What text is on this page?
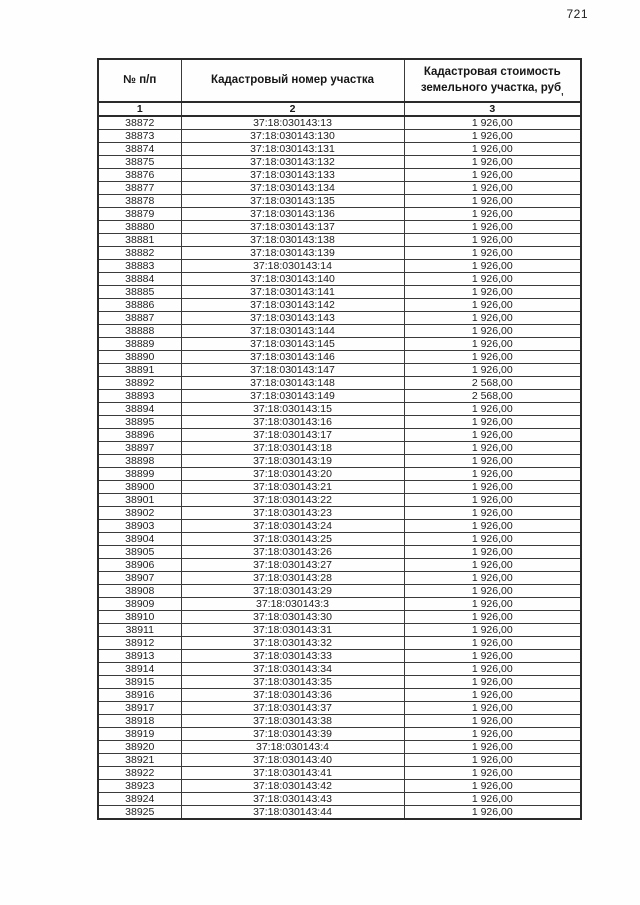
721
№ п/п	Кадастровый номер участка	Кадастровая стоимость земельного участка, руб$_,$
1	2	3
38872	37:18:030143:13	1 926,00
38873	37:18:030143:130	1 926,00
38874	37:18:030143:131	1 926,00
38875	37:18:030143:132	1 926,00
38876	37:18:030143:133	1 926,00
38877	37:18:030143:134	1 926,00
38878	37:18:030143:135	1 926,00
38879	37:18:030143:136	1 926,00
38880	37:18:030143:137	1 926,00
38881	37:18:030143:138	1 926,00
38882	37:18:030143:139	1 926,00
38883	37:18:030143:14	1 926,00
38884	37:18:030143:140	1 926,00
38885	37:18:030143:141	1 926,00
38886	37:18:030143:142	1 926,00
38887	37:18:030143:143	1 926,00
38888	37:18:030143:144	1 926,00
38889	37:18:030143:145	1 926,00
38890	37:18:030143:146	1 926,00
38891	37:18:030143:147	1 926,00
38892	37:18:030143:148	2 568,00
38893	37:18:030143:149	2 568,00
38894	37:18:030143:15	1 926,00
38895	37:18:030143:16	1 926,00
38896	37:18:030143:17	1 926,00
38897	37:18:030143:18	1 926,00
38898	37:18:030143:19	1 926,00
38899	37:18:030143:20	1 926,00
38900	37:18:030143:21	1 926,00
38901	37:18:030143:22	1 926,00
38902	37:18:030143:23	1 926,00
38903	37:18:030143:24	1 926,00
38904	37:18:030143:25	1 926,00
38905	37:18:030143:26	1 926,00
38906	37:18:030143:27	1 926,00
38907	37:18:030143:28	1 926,00
38908	37:18:030143:29	1 926,00
38909	37:18:030143:3	1 926,00
38910	37:18:030143:30	1 926,00
38911	37:18:030143:31	1 926,00
38912	37:18:030143:32	1 926,00
38913	37:18:030143:33	1 926,00
38914	37:18:030143:34	1 926,00
38915	37:18:030143:35	1 926,00
38916	37:18:030143:36	1 926,00
38917	37:18:030143:37	1 926,00
38918	37:18:030143:38	1 926,00
38919	37:18:030143:39	1 926,00
38920	37:18:030143:4	1 926,00
38921	37:18:030143:40	1 926,00
38922	37:18:030143:41	1 926,00
38923	37:18:030143:42	1 926,00
38924	37:18:030143:43	1 926,00
38925	37:18:030143:44	1 926,00
